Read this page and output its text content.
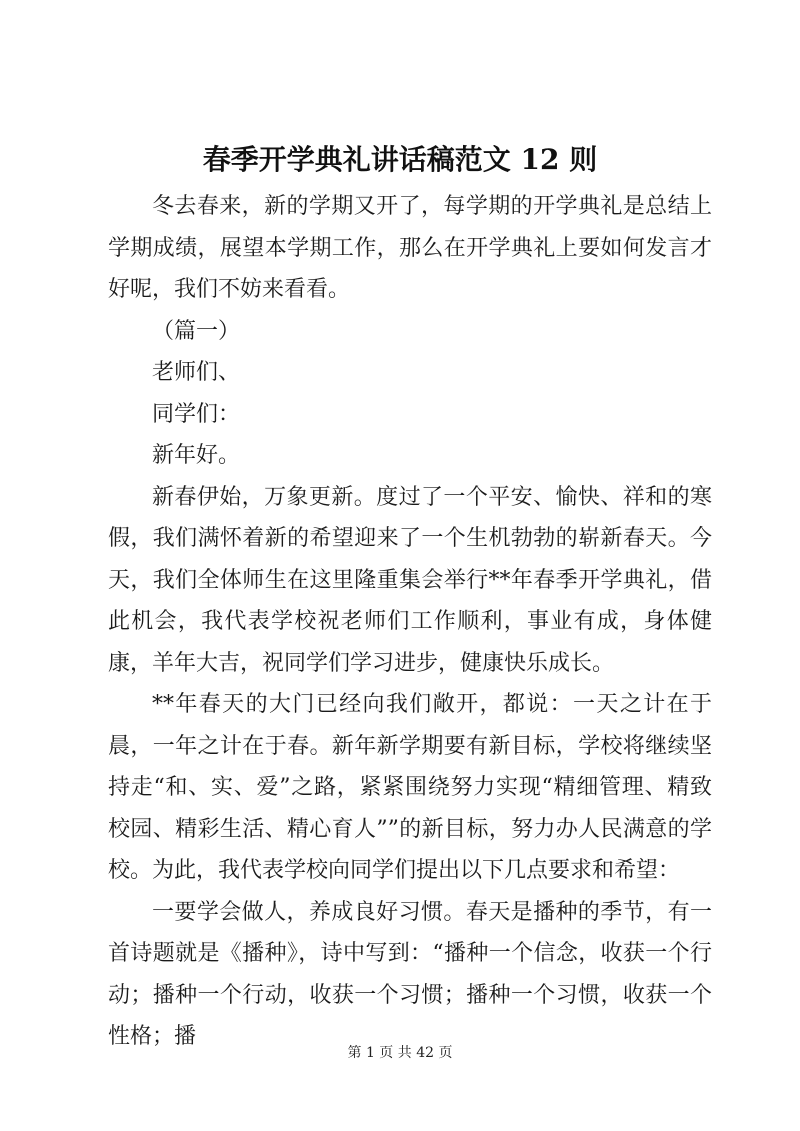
春季开学典礼讲话稿范文 12 则

冬去春来，新的学期又开了，每学期的开学典礼是总结上学期成绩，展望本学期工作，那么在开学典礼上要如何发言才好呢，我们不妨来看看。

（篇一）

老师们、

同学们：

新年好。

新春伊始，万象更新。度过了一个平安、愉快、祥和的寒假，我们满怀着新的希望迎来了一个生机勃勃的崭新春天。今天，我们全体师生在这里隆重集会举行**年春季开学典礼，借此机会，我代表学校祝老师们工作顺利，事业有成，身体健康，羊年大吉，祝同学们学习进步，健康快乐成长。

**年春天的大门已经向我们敞开，都说：一天之计在于晨，一年之计在于春。新年新学期要有新目标，学校将继续坚持走“和、实、爱”之路，紧紧围绕努力实现“精细管理、精致校园、精彩生活、精心育人””的新目标，努力办人民满意的学校。为此，我代表学校向同学们提出以下几点要求和希望：

一要学会做人，养成良好习惯。春天是播种的季节，有一首诗题就是《播种》，诗中写到：“播种一个信念，收获一个行动；播种一个行动，收获一个习惯；播种一个习惯，收获一个性格；播

第 1 页 共 42 页
